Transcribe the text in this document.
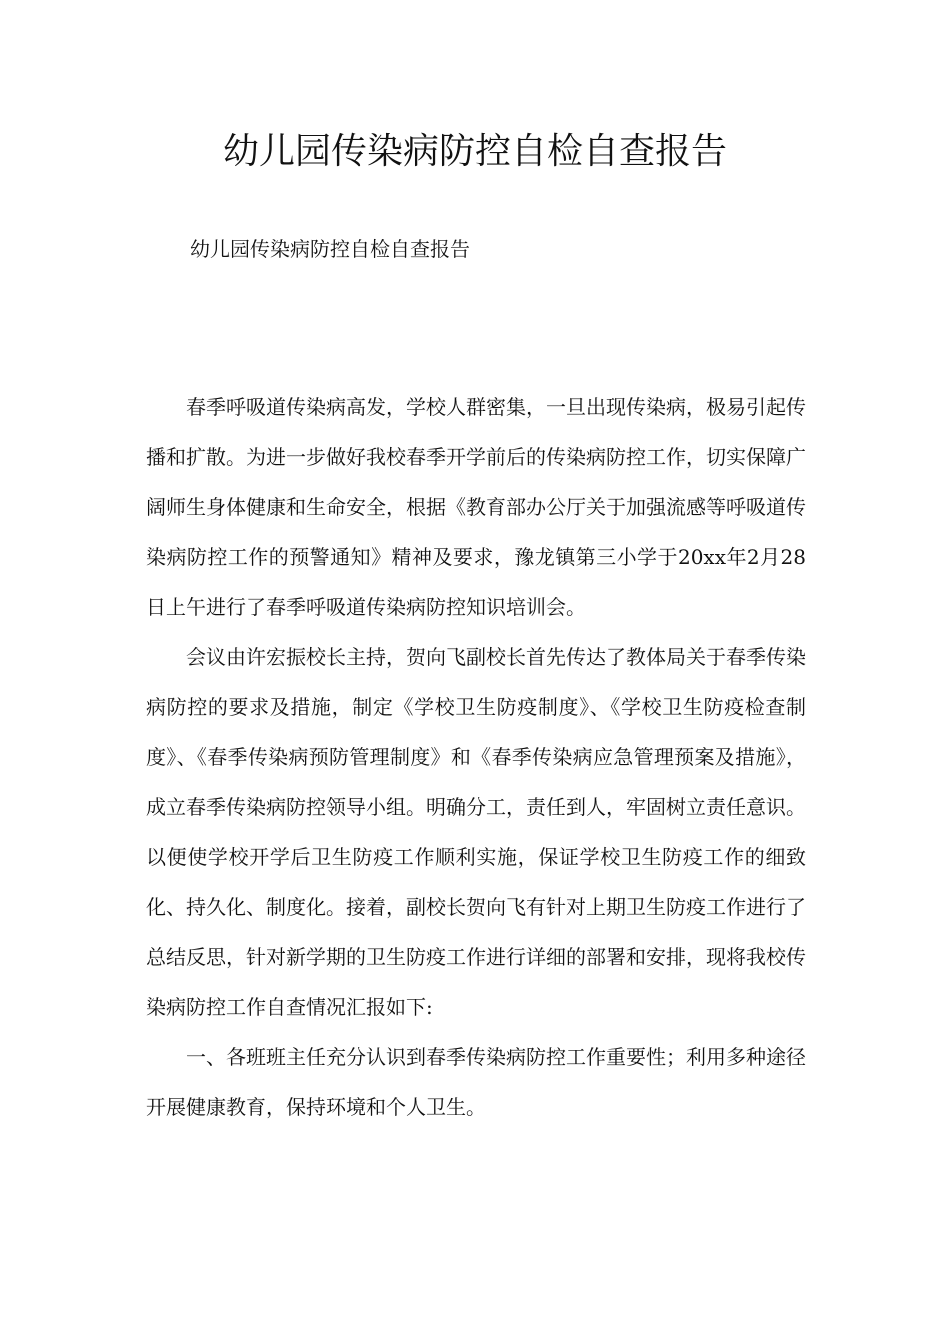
幼儿园传染病防控自检自查报告
幼儿园传染病防控自检自查报告

春季呼吸道传染病高发，学校人群密集，一旦出现传染病，极易引起传播和扩散。为进一步做好我校春季开学前后的传染病防控工作，切实保障广阔师生身体健康和生命安全，根据《教育部办公厅关于加强流感等呼吸道传染病防控工作的预警通知》精神及要求，豫龙镇第三小学于20xx年2月28日上午进行了春季呼吸道传染病防控知识培训会。

会议由许宏振校长主持，贺向飞副校长首先传达了教体局关于春季传染病防控的要求及措施，制定《学校卫生防疫制度》、《学校卫生防疫检查制度》、《春季传染病预防管理制度》和《春季传染病应急管理预案及措施》，成立春季传染病防控领导小组。明确分工，责任到人，牢固树立责任意识。以便使学校开学后卫生防疫工作顺利实施，保证学校卫生防疫工作的细致化、持久化、制度化。接着，副校长贺向飞有针对上期卫生防疫工作进行了总结反思，针对新学期的卫生防疫工作进行详细的部署和安排，现将我校传染病防控工作自查情况汇报如下:

一、各班班主任充分认识到春季传染病防控工作重要性；利用多种途径开展健康教育，保持环境和个人卫生。
